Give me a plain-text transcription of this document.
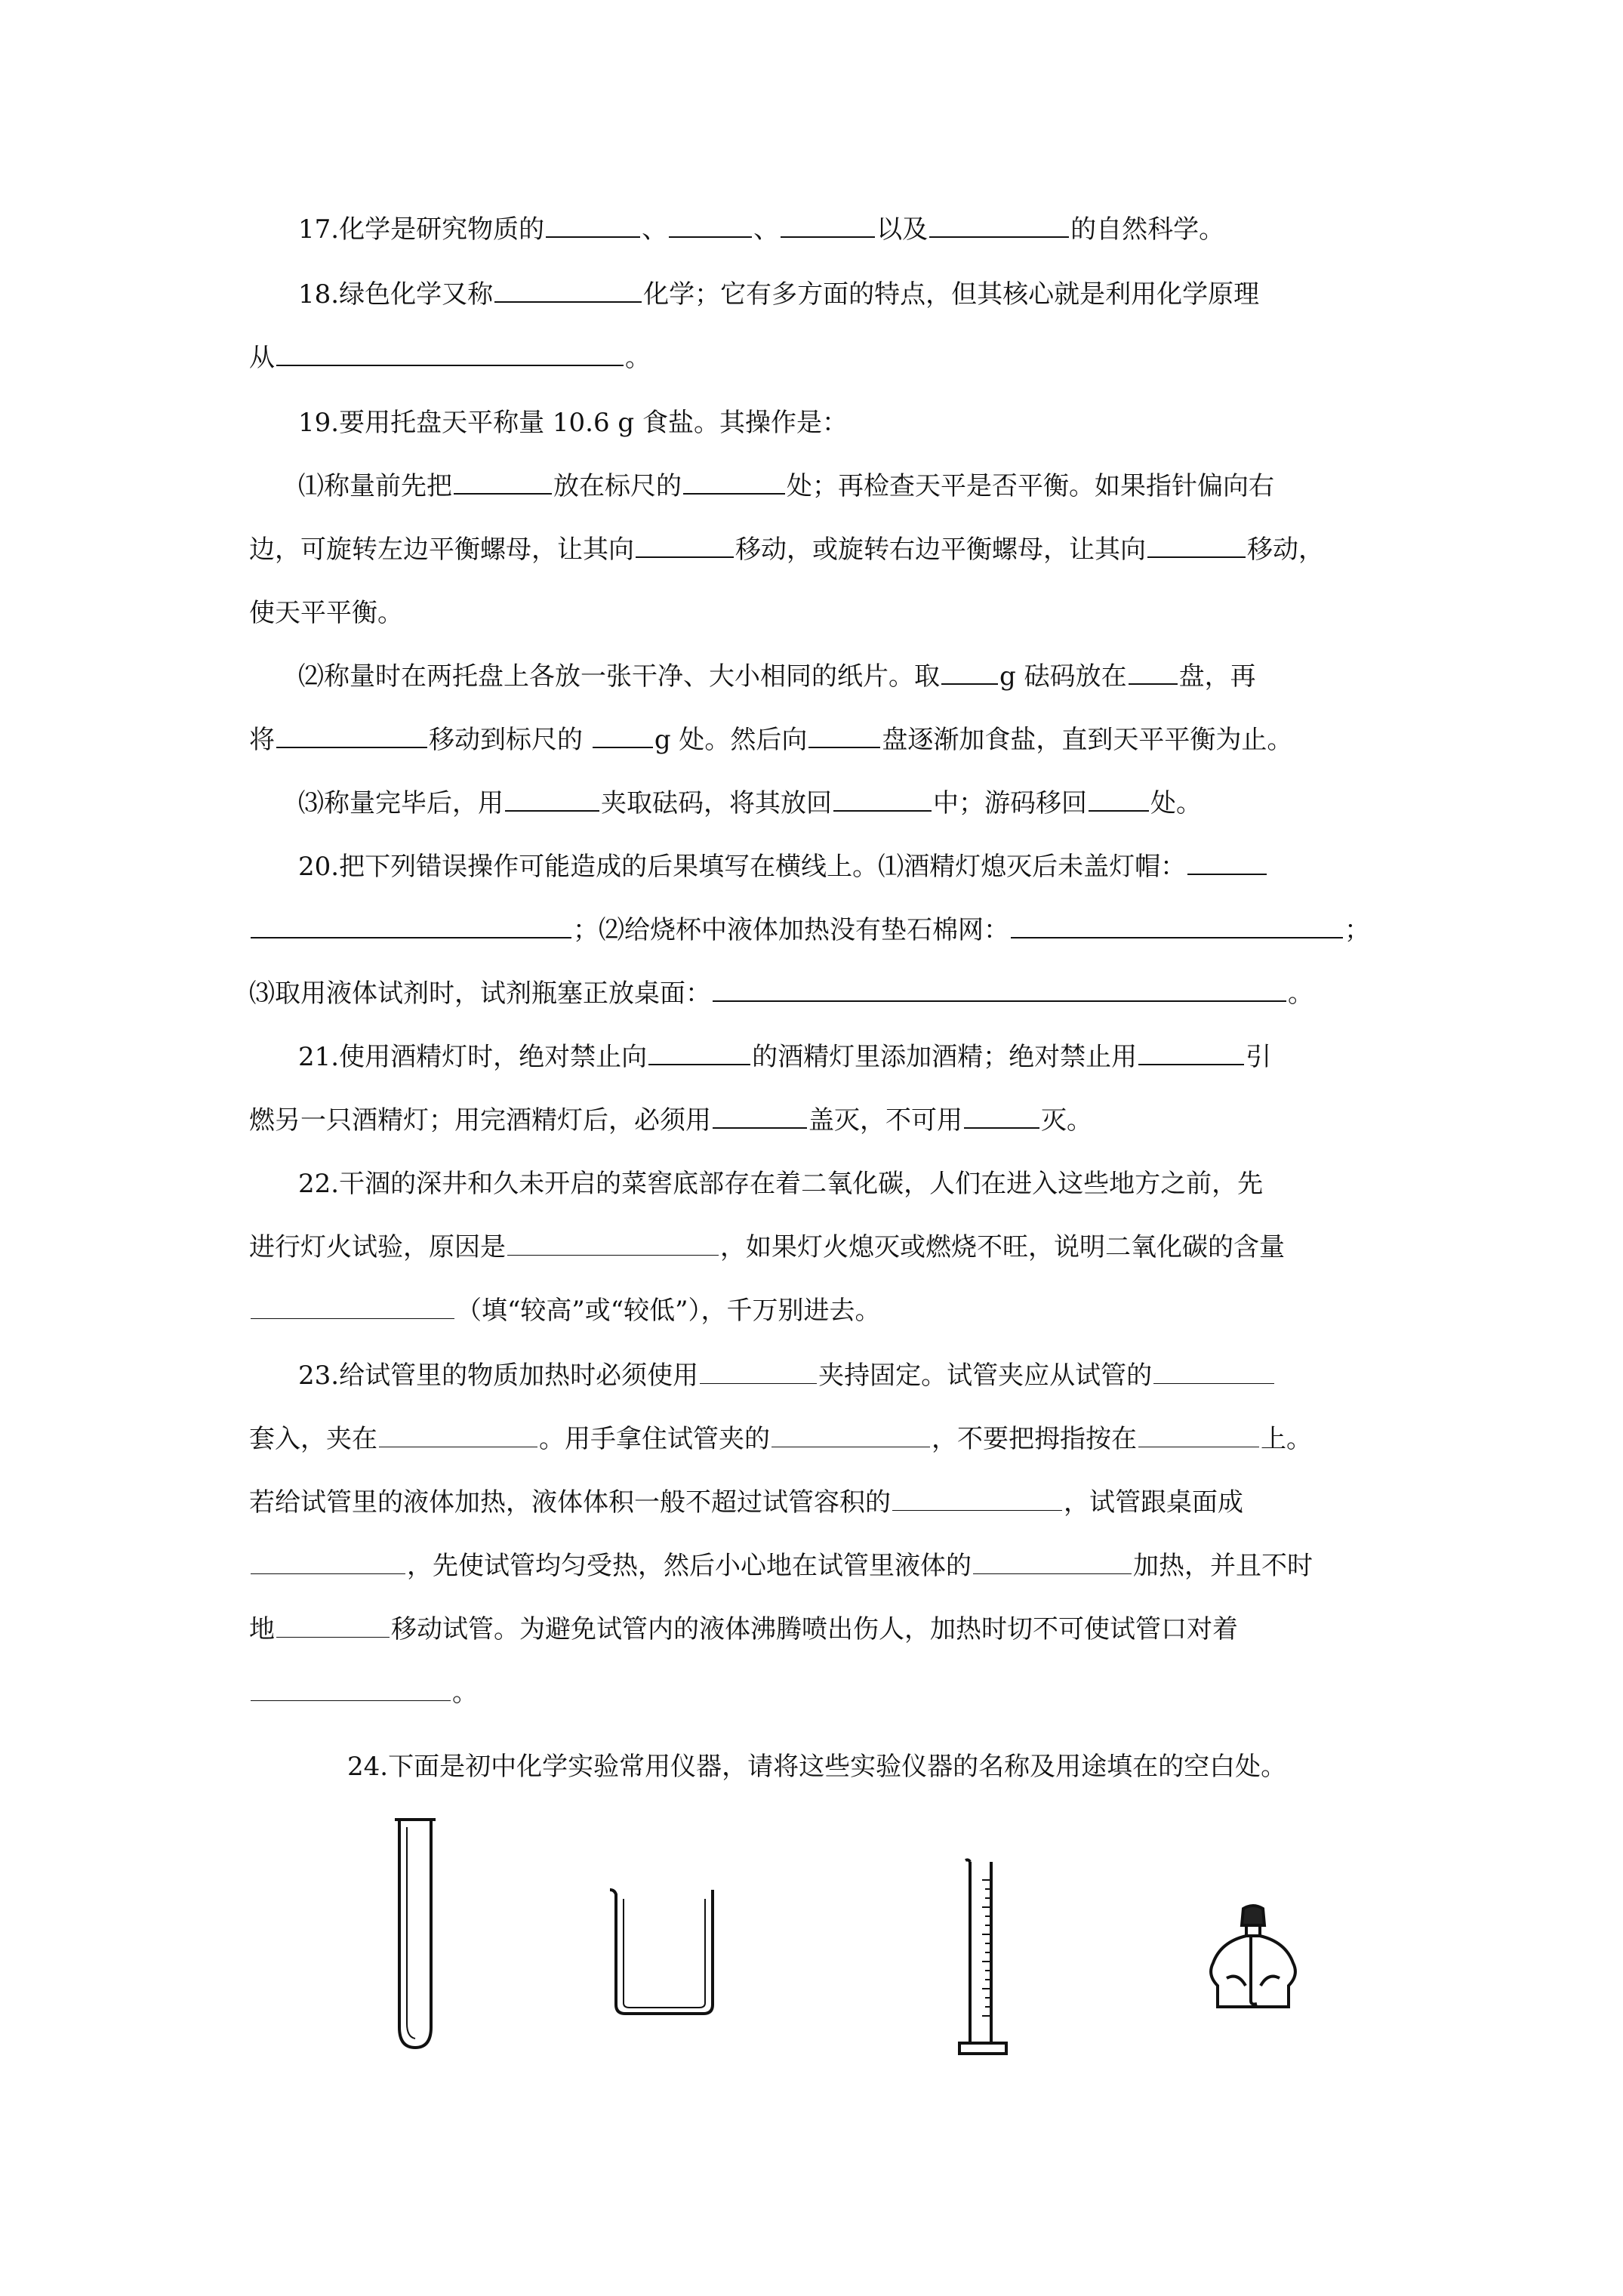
17.化学是研究物质的	、	、	以及	的自然科学。
18.绿色化学又称	化学；它有多方面的特点，但其核心就是利用化学原理
从	。
19.要用托盘天平称量 10.6 g 食盐。其操作是：
⑴称量前先把	放在标尺的	处；再检查天平是否平衡。如果指针偏向右
边，可旋转左边平衡螺母，让其向	移动，或旋转右边平衡螺母，让其向	移动，
使天平平衡。
⑵称量时在两托盘上各放一张干净、大小相同的纸片。取 g 砝码放在 盘，再
将	移动到标尺的	g 处。然后向	盘逐渐加食盐，直到天平平衡为止。
⑶称量完毕后，用	夹取砝码，将其放回	中；游码移回 处。
20.把下列错误操作可能造成的后果填写在横线上。⑴酒精灯熄灭后未盖灯帽：
；⑵给烧杯中液体加热没有垫石棉网：	；
⑶取用液体试剂时，试剂瓶塞正放桌面：	。
21.使用酒精灯时，绝对禁止向	的酒精灯里添加酒精；绝对禁止用	引
燃另一只酒精灯；用完酒精灯后，必须用	盖灭，不可用	灭。
22.干涸的深井和久未开启的菜窖底部存在着二氧化碳，人们在进入这些地方之前，先
进行灯火试验，原因是	，如果灯火熄灭或燃烧不旺，说明二氧化碳的含量
（填“较高”或“较低”），千万别进去。
23.给试管里的物质加热时必须使用	夹持固定。试管夹应从试管的
套入，夹在	。用手拿住试管夹的	，不要把拇指按在	上。
若给试管里的液体加热，液体体积一般不超过试管容积的	，试管跟桌面成
，先使试管均匀受热，然后小心地在试管里液体的	加热，并且不时
地	移动试管。为避免试管内的液体沸腾喷出伤人，加热时切不可使试管口对着
。
24.下面是初中化学实验常用仪器，请将这些实验仪器的名称及用途填在的空白处。
